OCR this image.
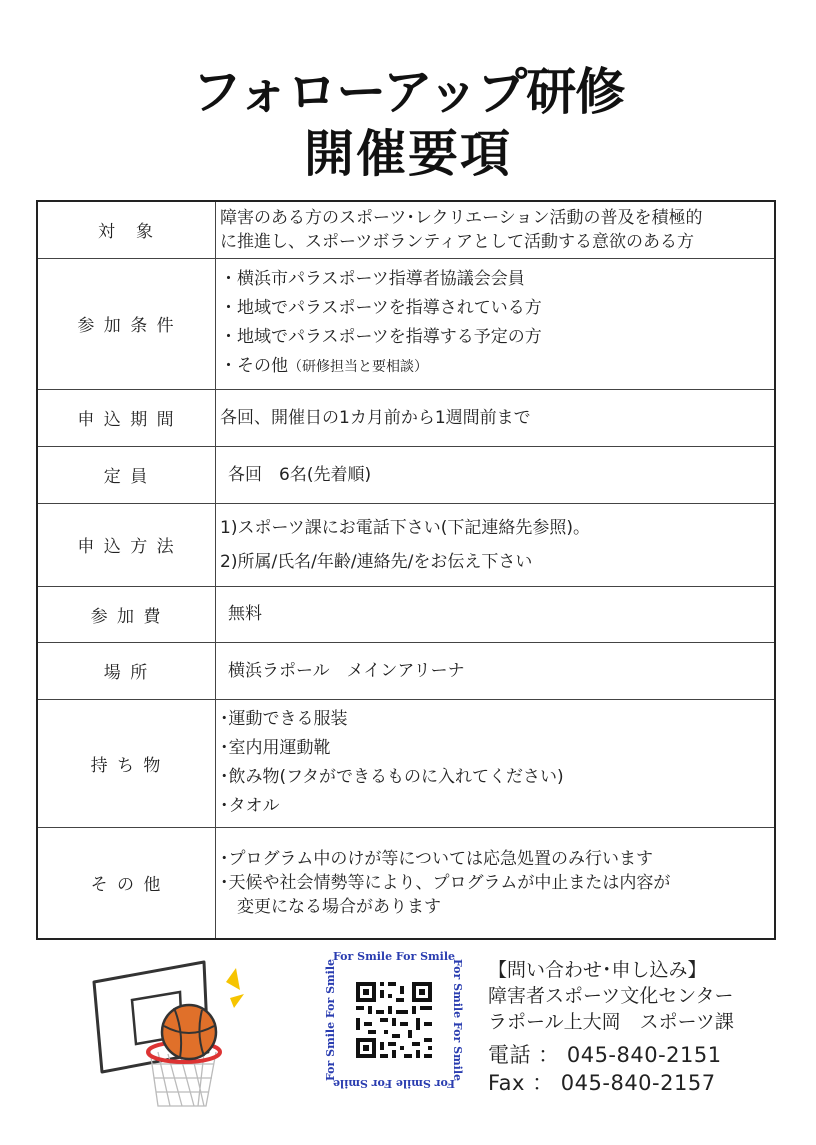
フォローアップ研修
開催要項
対　象	障害のある方のスポーツ･レクリエーション活動の普及を積極的
に推進し、スポーツボランティアとして活動する意欲のある方

参 加 条 件	・横浜市パラスポーツ指導者協議会会員
・地域でパラスポーツを指導されている方
・地域でパラスポーツを指導する予定の方
・その他（研修担当と要相談）

申 込 期 間	各回、開催日の1カ月前から1週間前まで

定 員	各回　6名(先着順)

申 込 方 法	1)スポーツ課にお電話下さい(下記連絡先参照)。
2)所属/氏名/年齢/連絡先/をお伝え下さい

参 加 費	無料

場 所	横浜ラポール　メインアリーナ

持 ち 物	･運動できる服装
･室内用運動靴
･飲み物(フタができるものに入れてください)
･タオル

そ の 他	･プログラム中のけが等については応急処置のみ行います
･天候や社会情勢等により、プログラムが中止または内容が
　変更になる場合があります
For Smile For Smile
For Smile For Smile
For Smile For Smile
For Smile For Smile	【問い合わせ･申し込み】
障害者スポーツ文化センター
ラポール上大岡　スポーツ課
電話 ： 045-840-2151
Fax ： 045-840-2157
